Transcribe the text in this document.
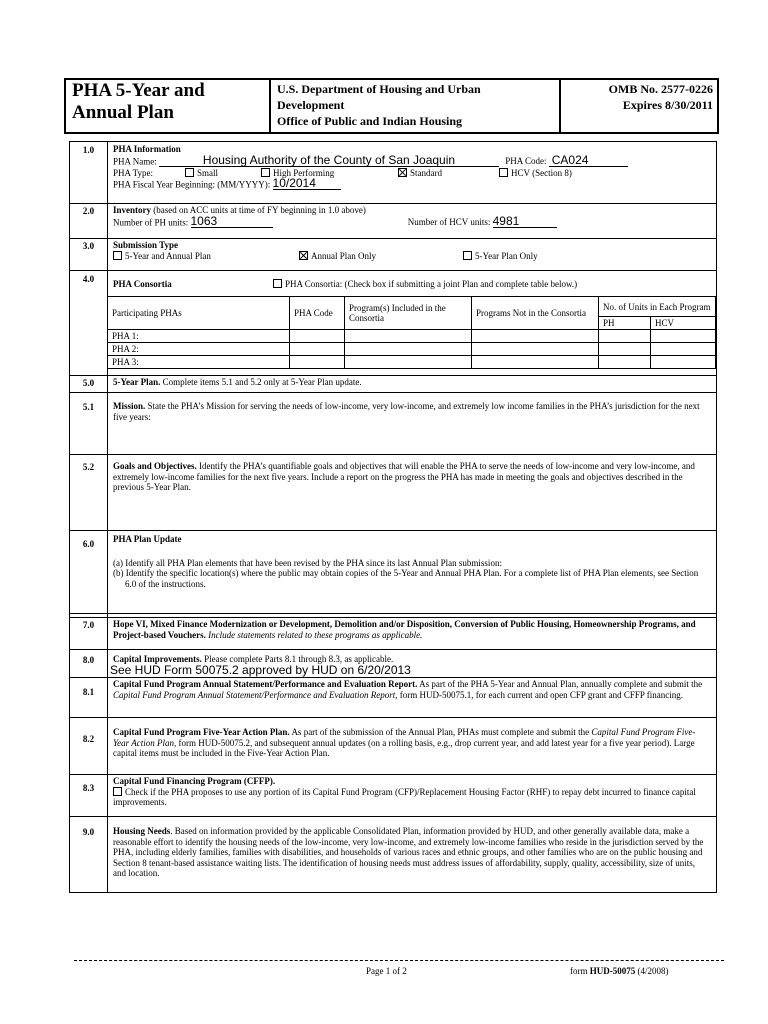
PHA 5-Year and
Annual Plan
U.S. Department of Housing and Urban
Development
Office of Public and Indian Housing
OMB No. 2577-0226
Expires 8/30/2011
1.0	PHA Information
PHA Name:	Housing Authority of the County of San Joaquin	PHA Code: CA024
PHA Type:	Small	High Performing	Standard	HCV (Section 8)
PHA Fiscal Year Beginning: (MM/YYYY): 10/2014
2.0	Inventory (based on ACC units at time of FY beginning in 1.0 above)
Number of PH units: 1063	Number of HCV units: 4981
3.0	Submission Type
5-Year and Annual Plan	Annual Plan Only	5-Year Plan Only
4.0	PHA Consortia	PHA Consortia: (Check box if submitting a joint Plan and complete table below.)
Participating PHAs	PHA Code	Program(s) Included in the Consortia	Programs Not in the Consortia	No. of Units in Each Program	
				PH	HCV
PHA 1:					
PHA 2:					
PHA 3:					
5.0	5-Year Plan. Complete items 5.1 and 5.2 only at 5-Year Plan update.
5.1	Mission. State the PHA’s Mission for serving the needs of low-income, very low-income, and extremely low income families in the PHA’s jurisdiction for the next five years:
5.2	Goals and Objectives. Identify the PHA’s quantifiable goals and objectives that will enable the PHA to serve the needs of low-income and very low-income, and extremely low-income families for the next five years. Include a report on the progress the PHA has made in meeting the goals and objectives described in the previous 5-Year Plan.
6.0	PHA Plan Update
(a) Identify all PHA Plan elements that have been revised by the PHA since its last Annual Plan submission:
(b) Identify the specific location(s) where the public may obtain copies of the 5-Year and Annual PHA Plan. For a complete list of PHA Plan elements, see Section 6.0 of the instructions.
7.0	Hope VI, Mixed Finance Modernization or Development, Demolition and/or Disposition, Conversion of Public Housing, Homeownership Programs, and Project-based Vouchers. Include statements related to these programs as applicable.
8.0	Capital Improvements. Please complete Parts 8.1 through 8.3, as applicable.
See HUD Form 50075.2 approved by HUD on 6/20/2013
8.1
Capital Fund Program Annual Statement/Performance and Evaluation Report. As part of the PHA 5-Year and Annual Plan, annually complete and submit the Capital Fund Program Annual Statement/Performance and Evaluation Report, form HUD-50075.1, for each current and open CFP grant and CFFP financing.
8.2
Capital Fund Program Five-Year Action Plan. As part of the submission of the Annual Plan, PHAs must complete and submit the Capital Fund Program Five-Year Action Plan, form HUD-50075.2, and subsequent annual updates (on a rolling basis, e.g., drop current year, and add latest year for a five year period). Large capital items must be included in the Five-Year Action Plan.
8.3
Capital Fund Financing Program (CFFP).
Check if the PHA proposes to use any portion of its Capital Fund Program (CFP)/Replacement Housing Factor (RHF) to repay debt incurred to finance capital improvements.
9.0	Housing Needs. Based on information provided by the applicable Consolidated Plan, information provided by HUD, and other generally available data, make a reasonable effort to identify the housing needs of the low-income, very low-income, and extremely low-income families who reside in the jurisdiction served by the PHA, including elderly families, families with disabilities, and households of various races and ethnic groups, and other families who are on the public housing and Section 8 tenant-based assistance waiting lists. The identification of housing needs must address issues of affordability, supply, quality, accessibility, size of units, and location.
Page 1 of 2	form HUD-50075 (4/2008)
